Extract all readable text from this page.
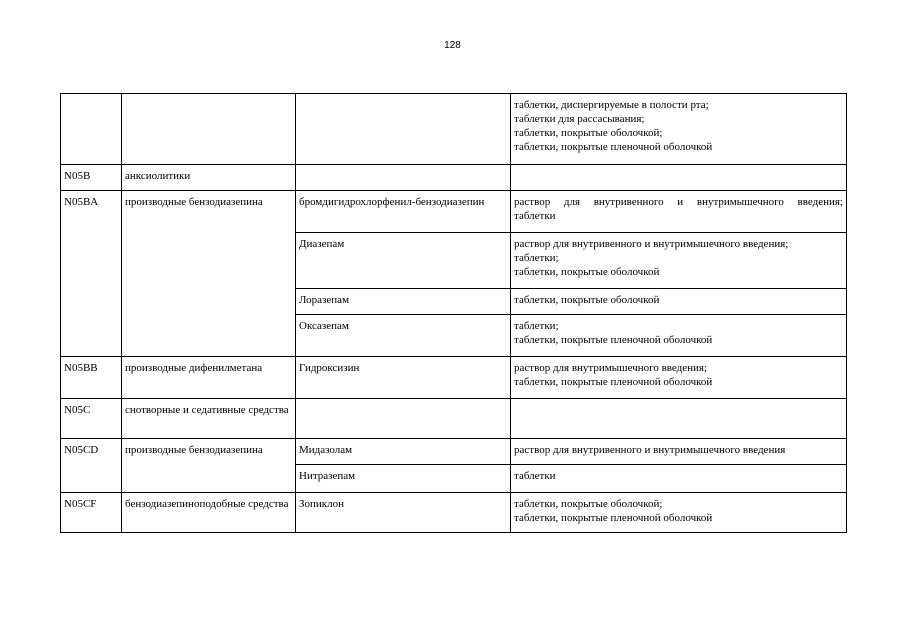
128

			таблетки, диспергируемые в полости рта;
таблетки для рассасывания;
таблетки, покрытые оболочкой;
таблетки, покрытые пленочной оболочкой

N05B	анксиолитики		
N05BA	производные бензодиазепина	бромдигидрохлорфенил-бензодиазепин	раствор для внутривенного и внутримышечного введения;
таблетки

		Диазепам	раствор для внутривенного и внутримышечного введения;
таблетки;
таблетки, покрытые оболочкой

		Лоразепам	таблетки, покрытые оболочкой

		Оксазепам	таблетки;
таблетки, покрытые пленочной оболочкой

N05BB	производные дифенилметана	Гидроксизин	раствор для внутримышечного введения;
таблетки, покрытые пленочной оболочкой

N05C	снотворные и седативные средства		
N05CD	производные бензодиазепина	Мидазолам	раствор для внутривенного и внутримышечного введения

		Нитразепам	таблетки

N05CF	бензодиазепиноподобные средства	Зопиклон	таблетки, покрытые оболочкой;
таблетки, покрытые пленочной оболочкой
